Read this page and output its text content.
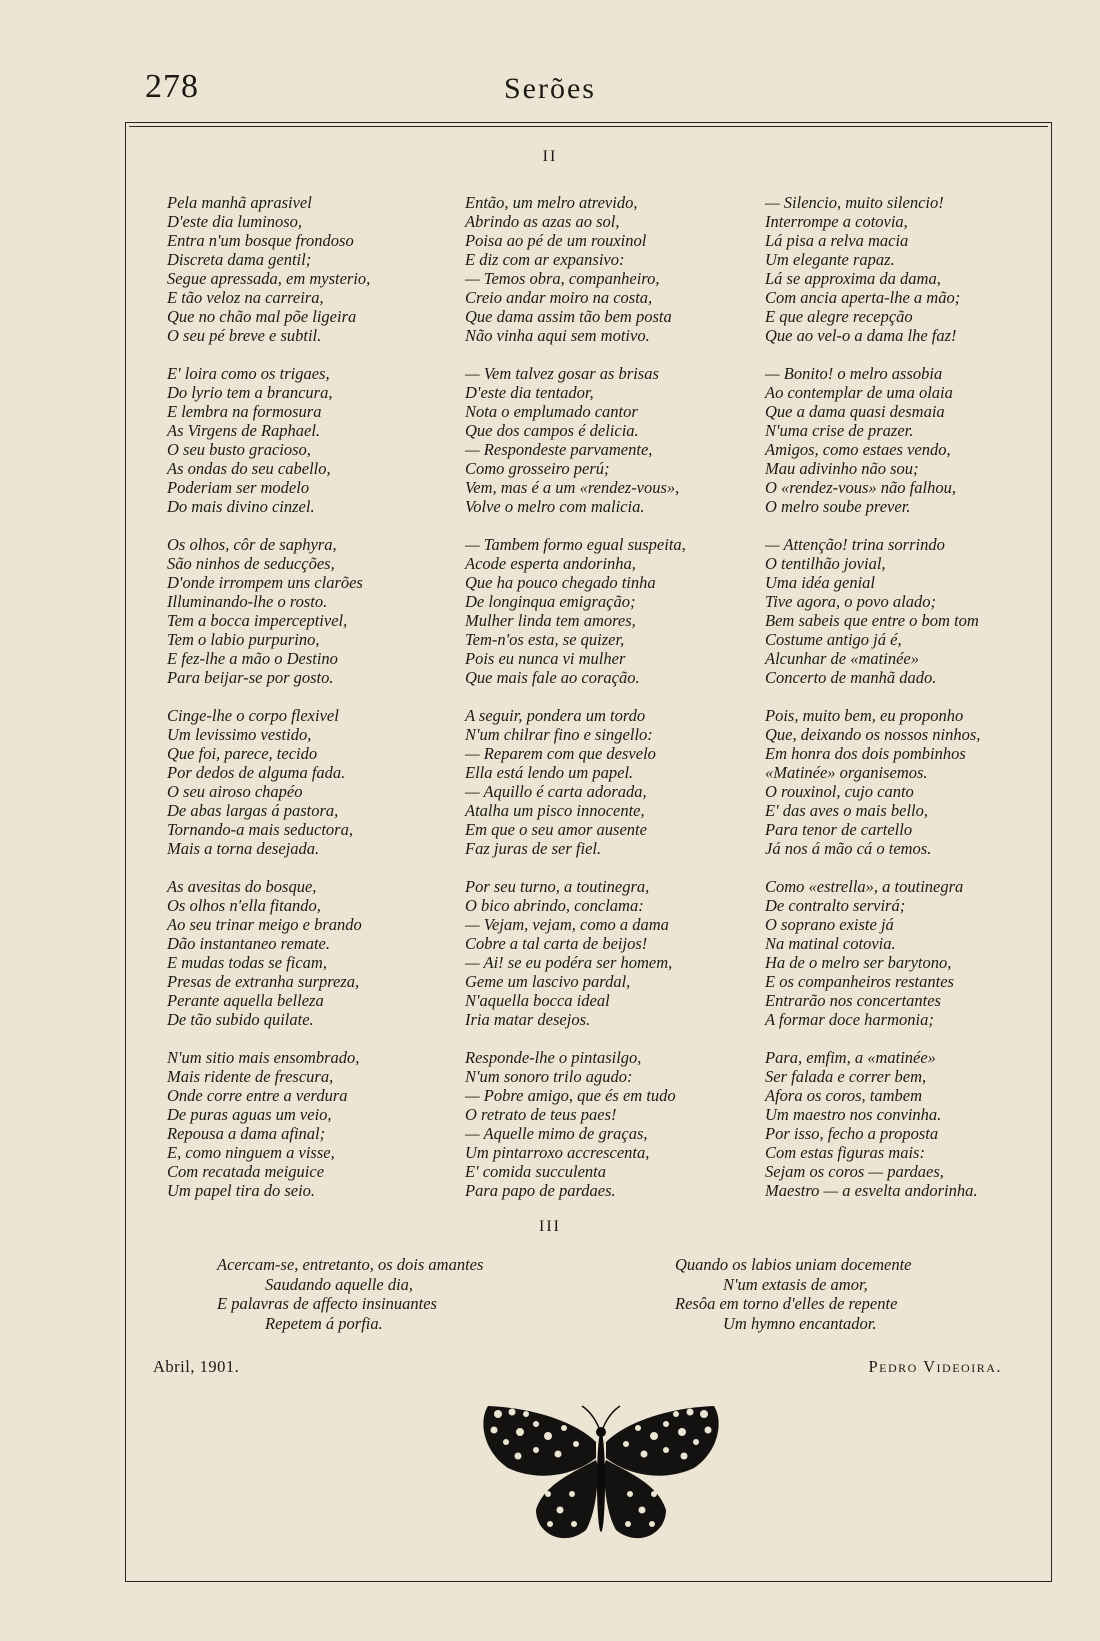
278	Serões
II
Pela manhã aprasivel
D'este dia luminoso,
Entra n'um bosque frondoso
Discreta dama gentil;
Segue apressada, em mysterio,
E tão veloz na carreira,
Que no chão mal põe ligeira
O seu pé breve e subtil.
E' loira como os trigaes,
Do lyrio tem a brancura,
E lembra na formosura
As Virgens de Raphael.
O seu busto gracioso,
As ondas do seu cabello,
Poderiam ser modelo
Do mais divino cinzel.
Os olhos, côr de saphyra,
São ninhos de seducções,
D'onde irrompem uns clarões
Illuminando-lhe o rosto.
Tem a bocca imperceptivel,
Tem o labio purpurino,
E fez-lhe a mão o Destino
Para beijar-se por gosto.
Cinge-lhe o corpo flexivel
Um levissimo vestido,
Que foi, parece, tecido
Por dedos de alguma fada.
O seu airoso chapéo
De abas largas á pastora,
Tornando-a mais seductora,
Mais a torna desejada.
As avesitas do bosque,
Os olhos n'ella fitando,
Ao seu trinar meigo e brando
Dão instantaneo remate.
E mudas todas se ficam,
Presas de extranha surpreza,
Perante aquella belleza
De tão subido quilate.
N'um sitio mais ensombrado,
Mais ridente de frescura,
Onde corre entre a verdura
De puras aguas um veio,
Repousa a dama afinal;
E, como ninguem a visse,
Com recatada meiguice
Um papel tira do seio.
Então, um melro atrevido,
Abrindo as azas ao sol,
Poisa ao pé de um rouxinol
E diz com ar expansivo:
— Temos obra, companheiro,
Creio andar moiro na costa,
Que dama assim tão bem posta
Não vinha aqui sem motivo.
— Vem talvez gosar as brisas
D'este dia tentador,
Nota o emplumado cantor
Que dos campos é delicia.
— Respondeste parvamente,
Como grosseiro perú;
Vem, mas é a um «rendez-vous»,
Volve o melro com malicia.
— Tambem formo egual suspeita,
Acode esperta andorinha,
Que ha pouco chegado tinha
De longinqua emigração;
Mulher linda tem amores,
Tem-n'os esta, se quizer,
Pois eu nunca vi mulher
Que mais fale ao coração.
A seguir, pondera um tordo
N'um chilrar fino e singello:
— Reparem com que desvelo
Ella está lendo um papel.
— Aquillo é carta adorada,
Atalha um pisco innocente,
Em que o seu amor ausente
Faz juras de ser fiel.
Por seu turno, a toutinegra,
O bico abrindo, conclama:
— Vejam, vejam, como a dama
Cobre a tal carta de beijos!
— Ai! se eu podéra ser homem,
Geme um lascivo pardal,
N'aquella bocca ideal
Iria matar desejos.
Responde-lhe o pintasilgo,
N'um sonoro trilo agudo:
— Pobre amigo, que és em tudo
O retrato de teus paes!
— Aquelle mimo de graças,
Um pintarroxo accrescenta,
E' comida succulenta
Para papo de pardaes.
— Silencio, muito silencio!
Interrompe a cotovia,
Lá pisa a relva macia
Um elegante rapaz.
Lá se approxima da dama,
Com ancia aperta-lhe a mão;
E que alegre recepção
Que ao vel-o a dama lhe faz!
— Bonito! o melro assobia
Ao contemplar de uma olaia
Que a dama quasi desmaia
N'uma crise de prazer.
Amigos, como estaes vendo,
Mau adivinho não sou;
O «rendez-vous» não falhou,
O melro soube prever.
— Attenção! trina sorrindo
O tentilhão jovial,
Uma idéa genial
Tive agora, o povo alado;
Bem sabeis que entre o bom tom
Costume antigo já é,
Alcunhar de «matinée»
Concerto de manhã dado.
Pois, muito bem, eu proponho
Que, deixando os nossos ninhos,
Em honra dos dois pombinhos
«Matinée» organisemos.
O rouxinol, cujo canto
E' das aves o mais bello,
Para tenor de cartello
Já nos á mão cá o temos.
Como «estrella», a toutinegra
De contralto servirá;
O soprano existe já
Na matinal cotovia.
Ha de o melro ser barytono,
E os companheiros restantes
Entrarão nos concertantes
A formar doce harmonia;
Para, emfim, a «matinée»
Ser falada e correr bem,
Afora os coros, tambem
Um maestro nos convinha.
Por isso, fecho a proposta
Com estas figuras mais:
Sejam os coros — pardaes,
Maestro — a esvelta andorinha.
III
Acercam-se, entretanto, os dois amantes
Saudando aquelle dia,
E palavras de affecto insinuantes
Repetem á porfia.
Quando os labios uniam docemente
N'um extasis de amor,
Resôa em torno d'elles de repente
Um hymno encantador.
Abril, 1901.	Pedro Videoira.
